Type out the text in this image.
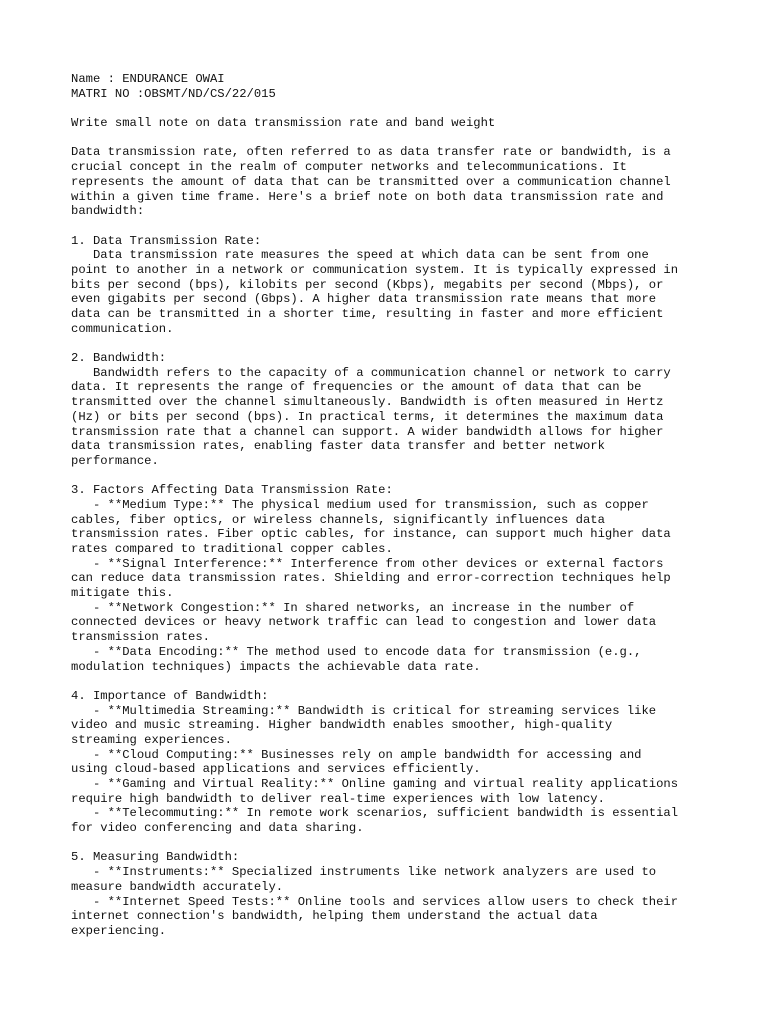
Name : ENDURANCE OWAI
MATRI NO :OBSMT/ND/CS/22/015
Write small note on data transmission rate and band weight
Data transmission rate, often referred to as data transfer rate or bandwidth, is a
crucial concept in the realm of computer networks and telecommunications. It
represents the amount of data that can be transmitted over a communication channel
within a given time frame. Here's a brief note on both data transmission rate and
bandwidth:
1. Data Transmission Rate:
Data transmission rate measures the speed at which data can be sent from one
point to another in a network or communication system. It is typically expressed in
bits per second (bps), kilobits per second (Kbps), megabits per second (Mbps), or
even gigabits per second (Gbps). A higher data transmission rate means that more
data can be transmitted in a shorter time, resulting in faster and more efficient
communication.
2. Bandwidth:
Bandwidth refers to the capacity of a communication channel or network to carry
data. It represents the range of frequencies or the amount of data that can be
transmitted over the channel simultaneously. Bandwidth is often measured in Hertz
(Hz) or bits per second (bps). In practical terms, it determines the maximum data
transmission rate that a channel can support. A wider bandwidth allows for higher
data transmission rates, enabling faster data transfer and better network
performance.
3. Factors Affecting Data Transmission Rate:
- **Medium Type:** The physical medium used for transmission, such as copper
cables, fiber optics, or wireless channels, significantly influences data
transmission rates. Fiber optic cables, for instance, can support much higher data
rates compared to traditional copper cables.
- **Signal Interference:** Interference from other devices or external factors
can reduce data transmission rates. Shielding and error-correction techniques help
mitigate this.
- **Network Congestion:** In shared networks, an increase in the number of
connected devices or heavy network traffic can lead to congestion and lower data
transmission rates.
- **Data Encoding:** The method used to encode data for transmission (e.g.,
modulation techniques) impacts the achievable data rate.
4. Importance of Bandwidth:
- **Multimedia Streaming:** Bandwidth is critical for streaming services like
video and music streaming. Higher bandwidth enables smoother, high-quality
streaming experiences.
- **Cloud Computing:** Businesses rely on ample bandwidth for accessing and
using cloud-based applications and services efficiently.
- **Gaming and Virtual Reality:** Online gaming and virtual reality applications
require high bandwidth to deliver real-time experiences with low latency.
- **Telecommuting:** In remote work scenarios, sufficient bandwidth is essential
for video conferencing and data sharing.
5. Measuring Bandwidth:
- **Instruments:** Specialized instruments like network analyzers are used to
measure bandwidth accurately.
- **Internet Speed Tests:** Online tools and services allow users to check their
internet connection's bandwidth, helping them understand the actual data
experiencing.
